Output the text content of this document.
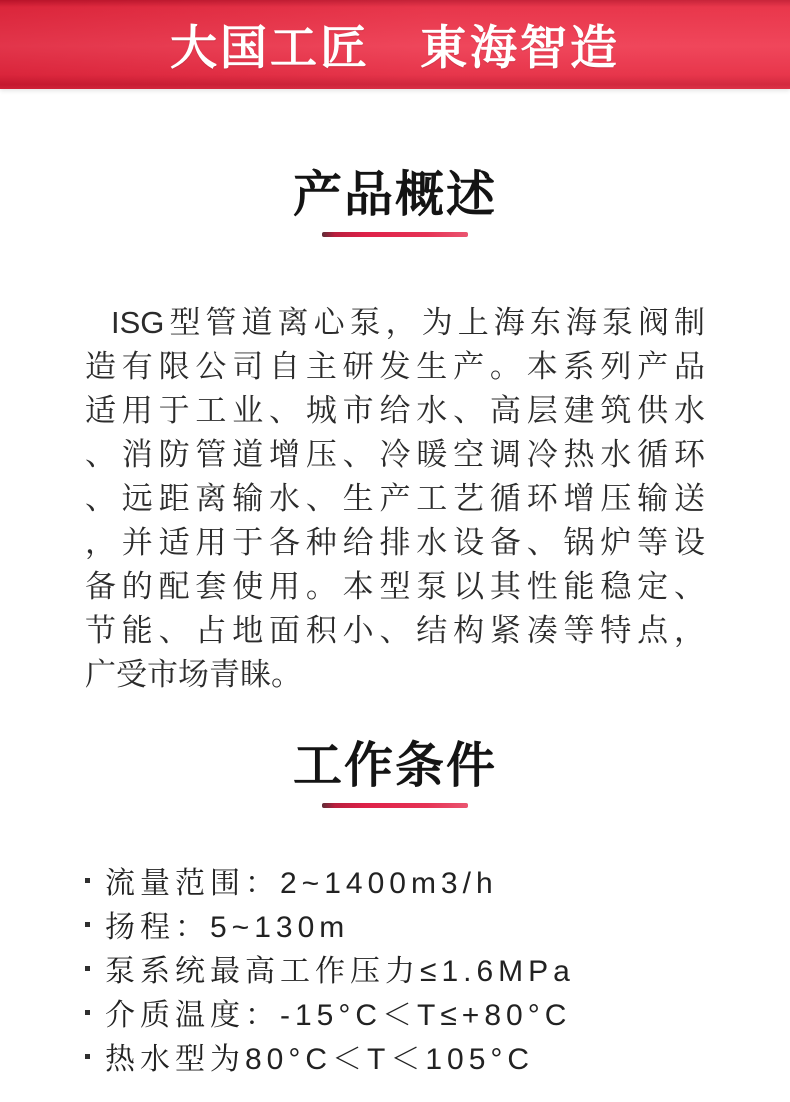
大国工匠　東海智造
产品概述
ISG型管道离心泵，为上海东海泵阀制
造有限公司自主研发生产。本系列产品
适用于工业、城市给水、高层建筑供水
、消防管道增压、冷暖空调冷热水循环
、远距离输水、生产工艺循环增压输送
，并适用于各种给排水设备、锅炉等设
备的配套使用。本型泵以其性能稳定、
节能、占地面积小、结构紧凑等特点，
广受市场青睐。
工作条件
流量范围：2~1400m3/h
扬程：5~130m
泵系统最高工作压力≤1.6MPa
介质温度：-15°C＜T≤+80°C
热水型为80°C＜T＜105°C
